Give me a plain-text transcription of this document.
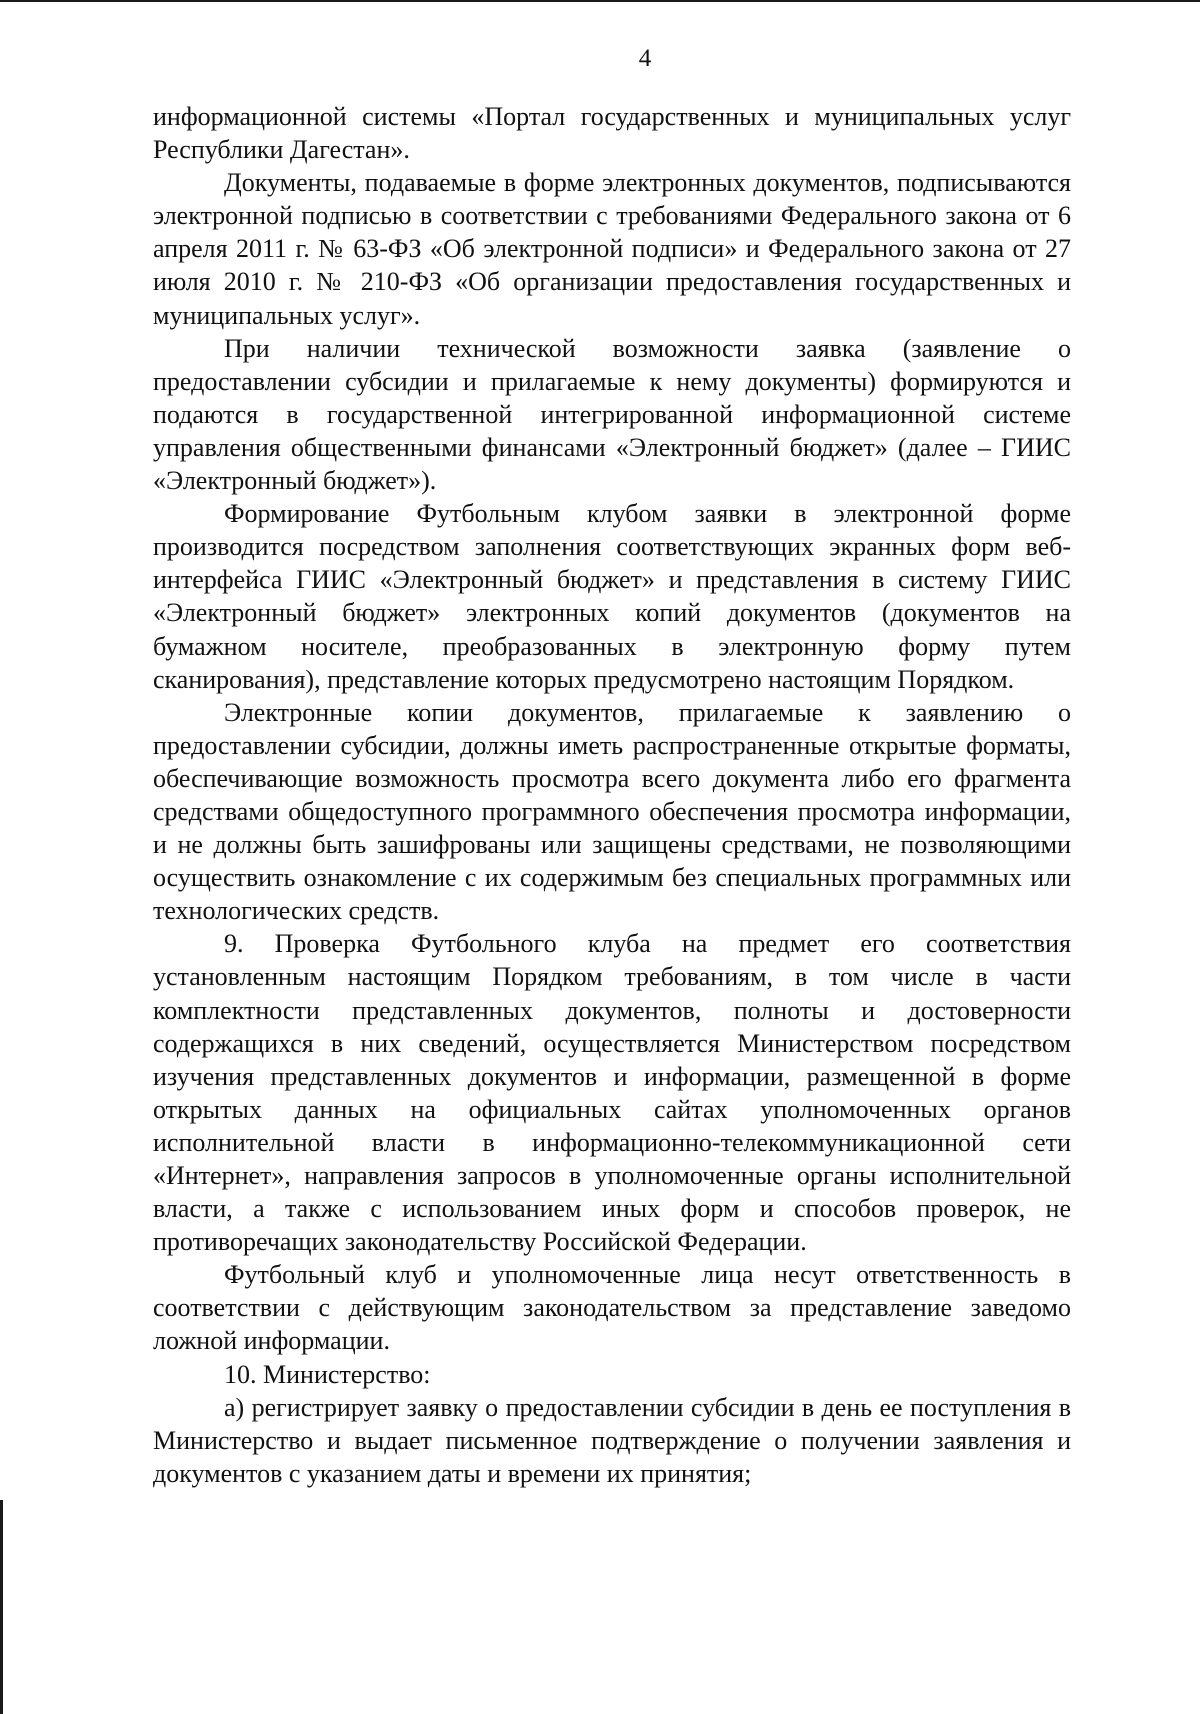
4

информационной системы «Портал государственных и муниципальных услуг Республики Дагестан».

Документы, подаваемые в форме электронных документов, подписываются электронной подписью в соответствии с требованиями Федерального закона от 6 апреля 2011 г. № 63-ФЗ «Об электронной подписи» и Федерального закона от 27 июля 2010 г. № 210-ФЗ «Об организации предоставления государственных и муниципальных услуг».

При наличии технической возможности заявка (заявление о предоставлении субсидии и прилагаемые к нему документы) формируются и подаются в государственной интегрированной информационной системе управления общественными финансами «Электронный бюджет» (далее – ГИИС «Электронный бюджет»).

Формирование Футбольным клубом заявки в электронной форме производится посредством заполнения соответствующих экранных форм веб-интерфейса ГИИС «Электронный бюджет» и представления в систему ГИИС «Электронный бюджет» электронных копий документов (документов на бумажном носителе, преобразованных в электронную форму путем сканирования), представление которых предусмотрено настоящим Порядком.

Электронные копии документов, прилагаемые к заявлению о предоставлении субсидии, должны иметь распространенные открытые форматы, обеспечивающие возможность просмотра всего документа либо его фрагмента средствами общедоступного программного обеспечения просмотра информации, и не должны быть зашифрованы или защищены средствами, не позволяющими осуществить ознакомление с их содержимым без специальных программных или технологических средств.

9. Проверка Футбольного клуба на предмет его соответствия установленным настоящим Порядком требованиям, в том числе в части комплектности представленных документов, полноты и достоверности содержащихся в них сведений, осуществляется Министерством посредством изучения представленных документов и информации, размещенной в форме открытых данных на официальных сайтах уполномоченных органов исполнительной власти в информационно-телекоммуникационной сети «Интернет», направления запросов в уполномоченные органы исполнительной власти, а также с использованием иных форм и способов проверок, не противоречащих законодательству Российской Федерации.

Футбольный клуб и уполномоченные лица несут ответственность в соответствии с действующим законодательством за представление заведомо ложной информации.

10. Министерство:

а) регистрирует заявку о предоставлении субсидии в день ее поступления в Министерство и выдает письменное подтверждение о получении заявления и документов с указанием даты и времени их принятия;
